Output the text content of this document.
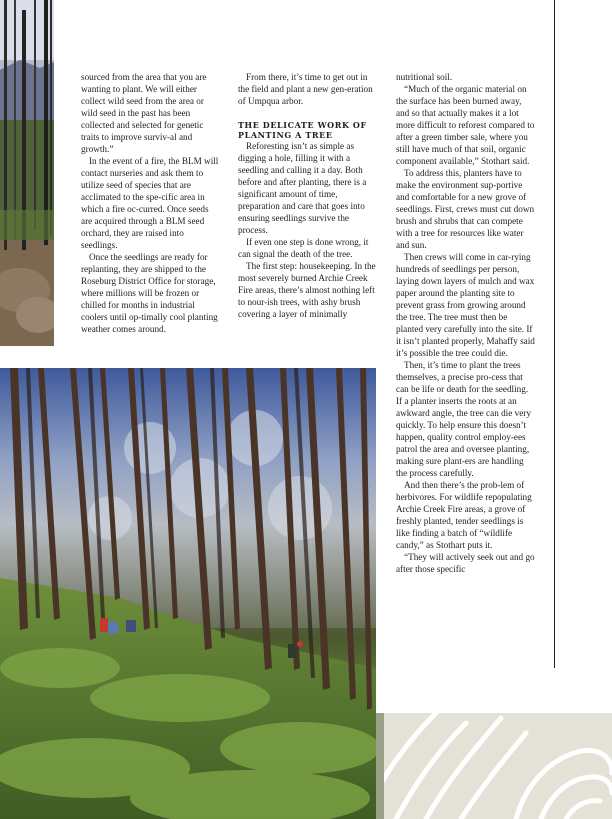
sourced from the area that you are wanting to plant. We will either collect wild seed from the area or wild seed in the past has been collected and selected for genetic traits to improve surviv-al and growth.”

In the event of a fire, the BLM will contact nurseries and ask them to utilize seed of species that are acclimated to the spe-cific area in which a fire oc-curred. Once seeds are acquired through a BLM seed orchard, they are raised into seedlings.

Once the seedlings are ready for replanting, they are shipped to the Roseburg District Office for storage, where millions will be frozen or chilled for months in industrial coolers until op-timally cool planting weather comes around.

From there, it’s time to get out in the field and plant a new gen-eration of Umpqua arbor.

THE DELICATE WORK OF PLANTING A TREE

Reforesting isn’t as simple as digging a hole, filling it with a seedling and calling it a day. Both before and after planting, there is a significant amount of time, preparation and care that goes into ensuring seedlings survive the process.

If even one step is done wrong, it can signal the death of the tree.

The first step: housekeeping. In the most severely burned Archie Creek Fire areas, there’s almost nothing left to nour-ish trees, with ashy brush covering a layer of minimally

nutritional soil.

“Much of the organic material on the surface has been burned away, and so that actually makes it a lot more difficult to reforest compared to after a green timber sale, where you still have much of that soil, organic component available,” Stothart said.

To address this, planters have to make the environment sup-portive and comfortable for a new grove of seedlings. First, crews must cut down brush and shrubs that can compete with a tree for resources like water and sun.

Then crews will come in car-rying hundreds of seedlings per person, laying down layers of mulch and wax paper around the planting site to prevent grass from growing around the tree. The tree must then be planted very carefully into the site. If it isn’t planted properly, Mahaffy said it’s possible the tree could die.

Then, it’s time to plant the trees themselves, a precise pro-cess that can be life or death for the seedling. If a planter inserts the roots at an awkward angle, the tree can die very quickly. To help ensure this doesn’t happen, quality control employ-ees patrol the area and oversee planting, making sure plant-ers are handling the process carefully.

And then there’s the prob-lem of herbivores. For wildlife repopulating Archie Creek Fire areas, a grove of freshly planted, tender seedlings is like finding a batch of “wildlife candy,” as Stothart puts it.

“They will actively seek out and go after those specific
